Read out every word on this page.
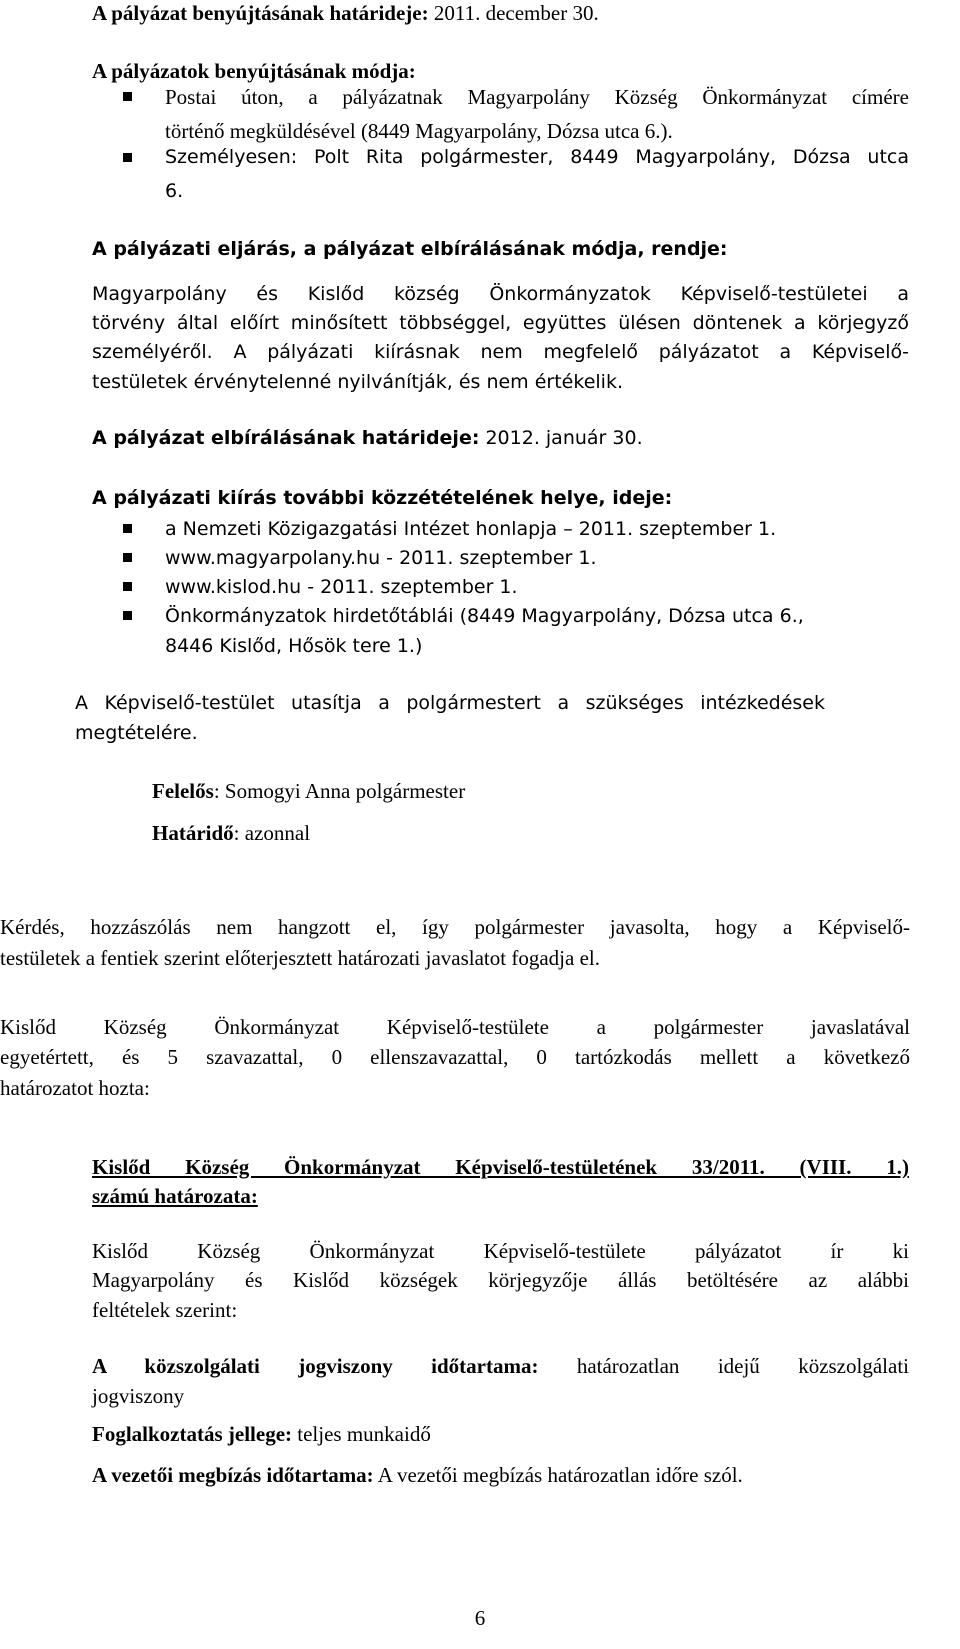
A pályázat benyújtásának határideje: 2011. december 30.
A pályázatok benyújtásának módja:
Postai úton, a pályázatnak Magyarpolány Község Önkormányzat címére
történő megküldésével (8449 Magyarpolány, Dózsa utca 6.).
Személyesen: Polt Rita polgármester, 8449 Magyarpolány, Dózsa utca
6.
A pályázati eljárás, a pályázat elbírálásának módja, rendje:
Magyarpolány és Kislőd község Önkormányzatok Képviselő-testületei a
törvény által előírt minősített többséggel, együttes ülésen döntenek a körjegyző
személyéről. A pályázati kiírásnak nem megfelelő pályázatot a Képviselő-
testületek érvénytelenné nyilvánítják, és nem értékelik.
A pályázat elbírálásának határideje: 2012. január 30.
A pályázati kiírás további közzétételének helye, ideje:
a Nemzeti Közigazgatási Intézet honlapja – 2011. szeptember 1.
www.magyarpolany.hu - 2011. szeptember 1.
www.kislod.hu - 2011. szeptember 1.
Önkormányzatok hirdetőtáblái (8449 Magyarpolány, Dózsa utca 6.,
8446 Kislőd, Hősök tere 1.)
A Képviselő-testület utasítja a polgármestert a szükséges intézkedések
megtételére.
Felelős: Somogyi Anna polgármester
Határidő: azonnal
Kérdés, hozzászólás nem hangzott el, így polgármester javasolta, hogy a Képviselő-
testületek a fentiek szerint előterjesztett határozati javaslatot fogadja el.
Kislőd Község Önkormányzat Képviselő-testülete a polgármester javaslatával
egyetértett, és 5 szavazattal, 0 ellenszavazattal, 0 tartózkodás mellett a következő
határozatot hozta:
Kislőd Község Önkormányzat Képviselő-testületének 33/2011. (VIII. 1.)
számú határozata:
Kislőd Község Önkormányzat Képviselő-testülete pályázatot ír ki
Magyarpolány és Kislőd községek körjegyzője állás betöltésére az alábbi
feltételek szerint:
A közszolgálati jogviszony időtartama: határozatlan idejű közszolgálati
jogviszony
Foglalkoztatás jellege: teljes munkaidő
A vezetői megbízás időtartama: A vezetői megbízás határozatlan időre szól.
6
